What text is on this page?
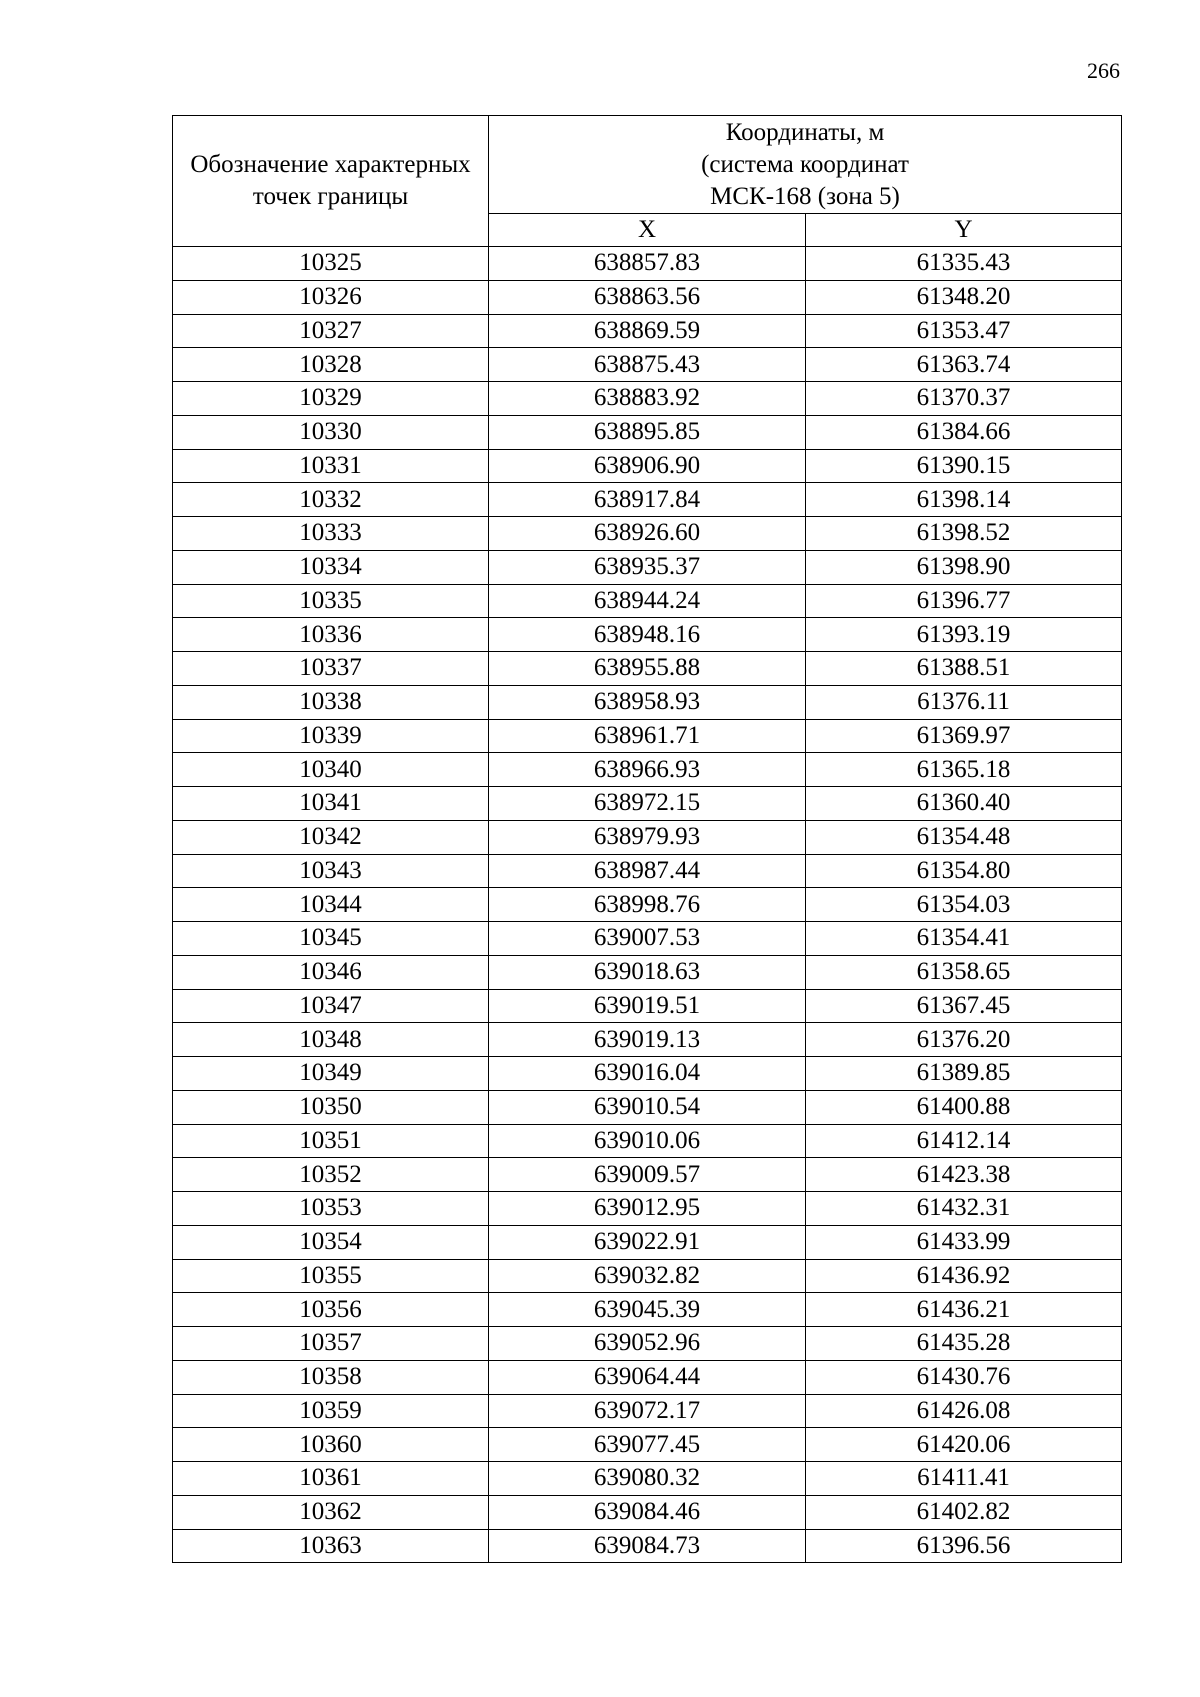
266
Обозначение характерных точек границы	Координаты, м
(система координат
МСК-168 (зона 5)	
	X	Y
10325	638857.83	61335.43
10326	638863.56	61348.20
10327	638869.59	61353.47
10328	638875.43	61363.74
10329	638883.92	61370.37
10330	638895.85	61384.66
10331	638906.90	61390.15
10332	638917.84	61398.14
10333	638926.60	61398.52
10334	638935.37	61398.90
10335	638944.24	61396.77
10336	638948.16	61393.19
10337	638955.88	61388.51
10338	638958.93	61376.11
10339	638961.71	61369.97
10340	638966.93	61365.18
10341	638972.15	61360.40
10342	638979.93	61354.48
10343	638987.44	61354.80
10344	638998.76	61354.03
10345	639007.53	61354.41
10346	639018.63	61358.65
10347	639019.51	61367.45
10348	639019.13	61376.20
10349	639016.04	61389.85
10350	639010.54	61400.88
10351	639010.06	61412.14
10352	639009.57	61423.38
10353	639012.95	61432.31
10354	639022.91	61433.99
10355	639032.82	61436.92
10356	639045.39	61436.21
10357	639052.96	61435.28
10358	639064.44	61430.76
10359	639072.17	61426.08
10360	639077.45	61420.06
10361	639080.32	61411.41
10362	639084.46	61402.82
10363	639084.73	61396.56
